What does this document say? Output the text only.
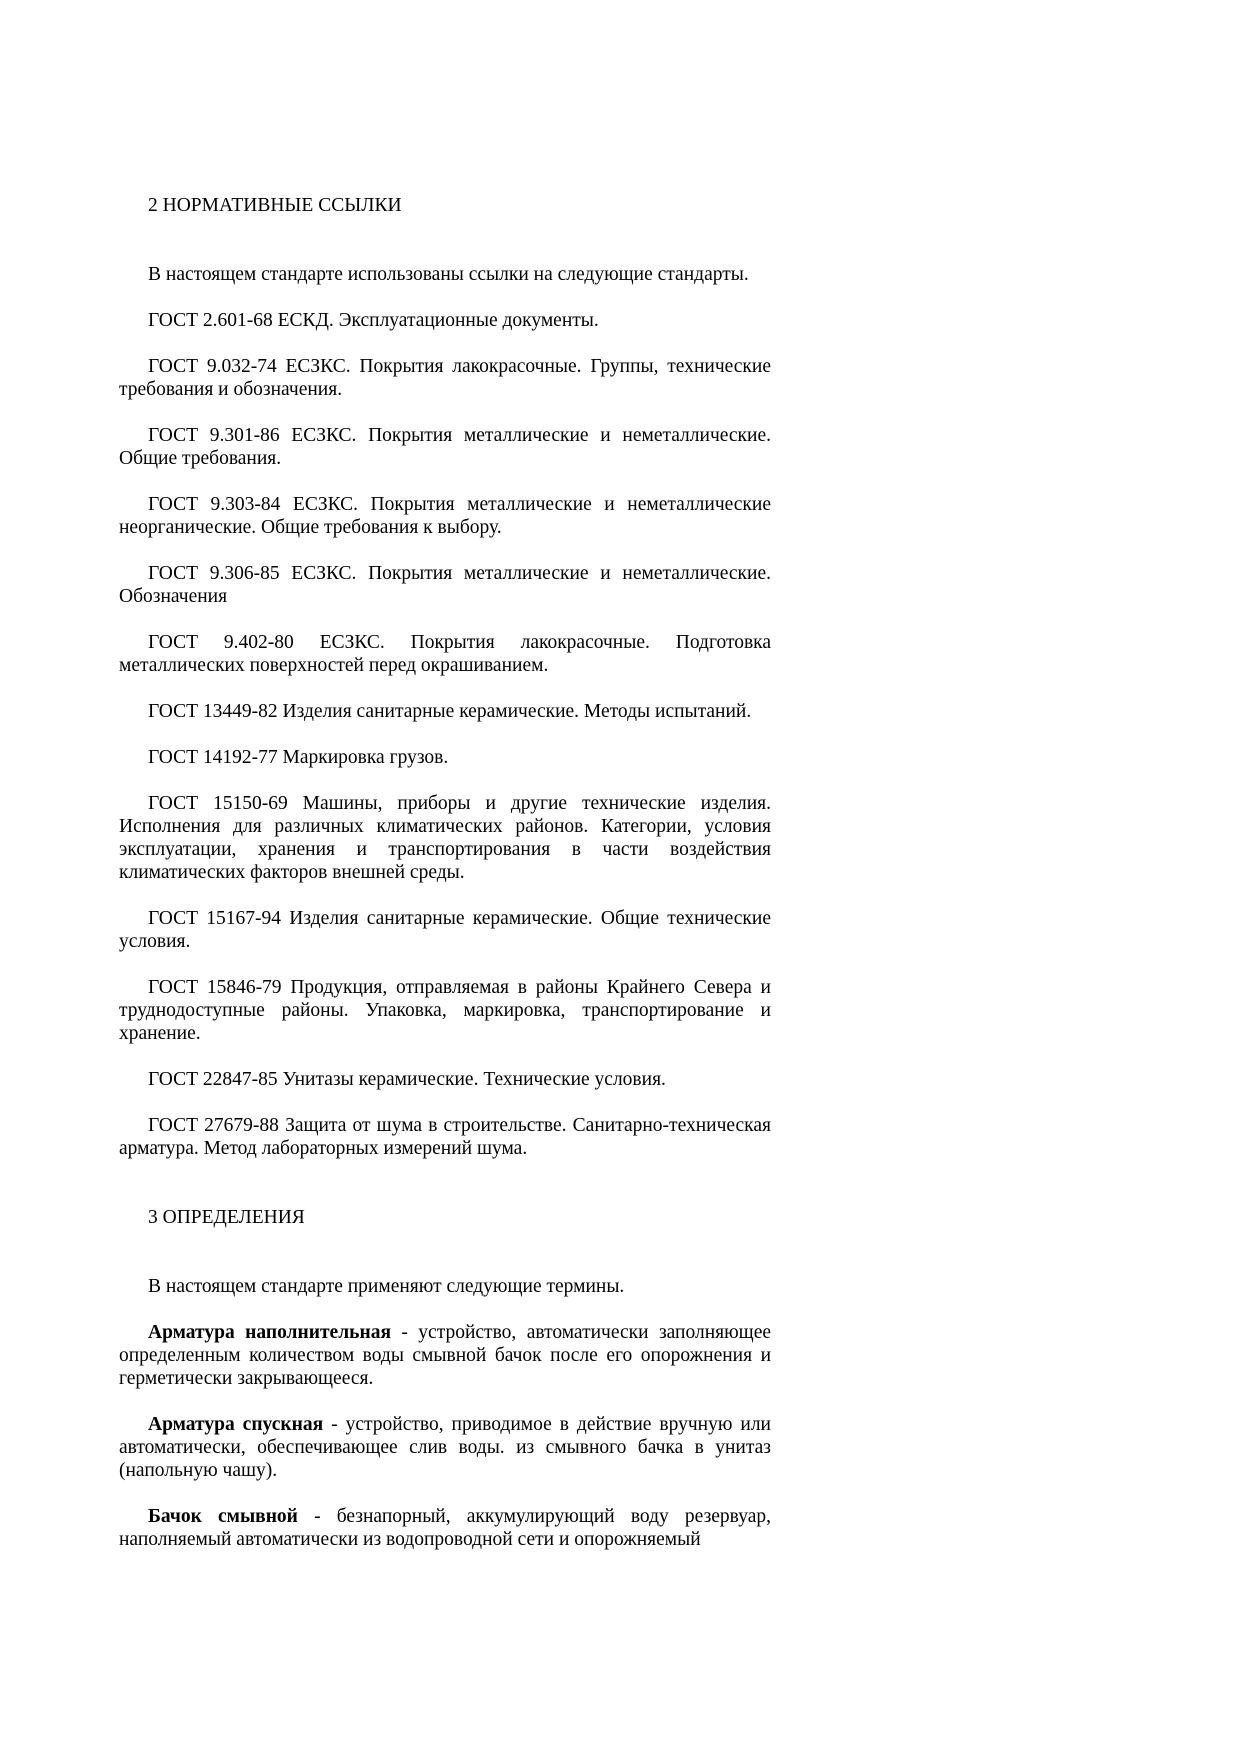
2 НОРМАТИВНЫЕ ССЫЛКИ

В настоящем стандарте использованы ссылки на следующие стандарты.

ГОСТ 2.601-68 ЕСКД. Эксплуатационные документы.

ГОСТ 9.032-74 ЕСЗКС. Покрытия лакокрасочные. Группы, технические требования и обозначения.

ГОСТ 9.301-86 ЕСЗКС. Покрытия металлические и неметаллические. Общие требования.

ГОСТ 9.303-84 ЕСЗКС. Покрытия металлические и неметаллические неорганические. Общие требования к выбору.

ГОСТ 9.306-85 ЕСЗКС. Покрытия металлические и неметаллические. Обозначения

ГОСТ 9.402-80 ЕСЗКС. Покрытия лакокрасочные. Подготовка металлических поверхностей перед окрашиванием.

ГОСТ 13449-82 Изделия санитарные керамические. Методы испытаний.

ГОСТ 14192-77 Маркировка грузов.

ГОСТ 15150-69 Машины, приборы и другие технические изделия. Исполнения для различных климатических районов. Категории, условия эксплуатации, хранения и транспортирования в части воздействия климатических факторов внешней среды.

ГОСТ 15167-94 Изделия санитарные керамические. Общие технические условия.

ГОСТ 15846-79 Продукция, отправляемая в районы Крайнего Севера и труднодоступные районы. Упаковка, маркировка, транспортирование и хранение.

ГОСТ 22847-85 Унитазы керамические. Технические условия.

ГОСТ 27679-88 Защита от шума в строительстве. Санитарно-техническая арматура. Метод лабораторных измерений шума.

3 ОПРЕДЕЛЕНИЯ

В настоящем стандарте применяют следующие термины.

Арматура наполнительная - устройство, автоматически заполняющее определенным количеством воды смывной бачок после его опорожнения и герметически закрывающееся.

Арматура спускная - устройство, приводимое в действие вручную или автоматически, обеспечивающее слив воды. из смывного бачка в унитаз (напольную чашу).

Бачок смывной - безнапорный, аккумулирующий воду резервуар, наполняемый автоматически из водопроводной сети и опорожняемый
